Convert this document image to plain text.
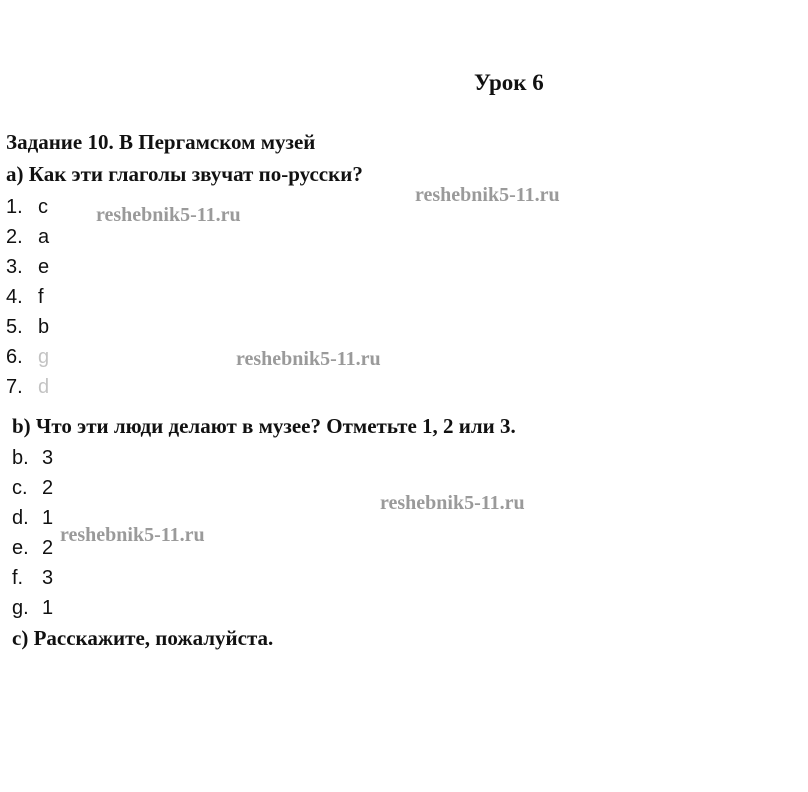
Урок 6
Задание 10. В Пергамском музей
a) Как эти глаголы звучат по-русски?
1. c
2. a
3. e
4. f
5. b
6. g
7. d
b) Что эти люди делают в музее? Отметьте 1, 2 или 3.
b. 3
c. 2
d. 1
e. 2
f. 3
g. 1
c) Расскажите, пожалуйста.
reshebnik5-11.ru
reshebnik5-11.ru
reshebnik5-11.ru
reshebnik5-11.ru
reshebnik5-11.ru
